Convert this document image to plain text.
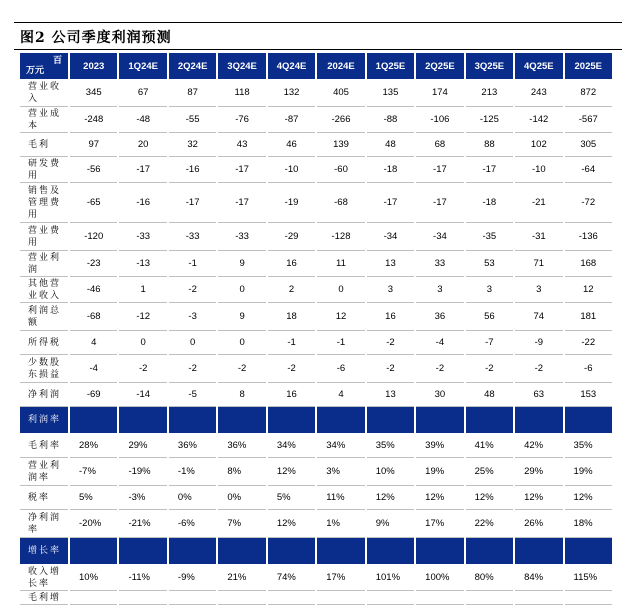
图2 公司季度利润预测
百
万元	2023	1Q24E	2Q24E	3Q24E	4Q24E	2024E	1Q25E	2Q25E	3Q25E	4Q25E	2025E
营业收入	345	67	87	118	132	405	135	174	213	243	872
营业成本	-248	-48	-55	-76	-87	-266	-88	-106	-125	-142	-567
毛利	97	20	32	43	46	139	48	68	88	102	305
研发费用	-56	-17	-16	-17	-10	-60	-18	-17	-17	-10	-64
销售及管理费用	-65	-16	-17	-17	-19	-68	-17	-17	-18	-21	-72
营业费用	-120	-33	-33	-33	-29	-128	-34	-34	-35	-31	-136
营业利润	-23	-13	-1	9	16	11	13	33	53	71	168
其他营业收入	-46	1	-2	0	2	0	3	3	3	3	12
利润总额	-68	-12	-3	9	18	12	16	36	56	74	181
所得税	4	0	0	0	-1	-1	-2	-4	-7	-9	-22
少数股东损益	-4	-2	-2	-2	-2	-6	-2	-2	-2	-2	-6
净利润	-69	-14	-5	8	16	4	13	30	48	63	153
利润率											
毛利率	28%	29%	36%	36%	34%	34%	35%	39%	41%	42%	35%
营业利润率	-7%	-19%	-1%	8%	12%	3%	10%	19%	25%	29%	19%
税率	5%	-3%	0%	0%	5%	11%	12%	12%	12%	12%	12%
净利润率	-20%	-21%	-6%	7%	12%	1%	9%	17%	22%	26%	18%
增长率											
收入增长率	10%	-11%	-9%	21%	74%	17%	101%	100%	80%	84%	115%
毛利增											
